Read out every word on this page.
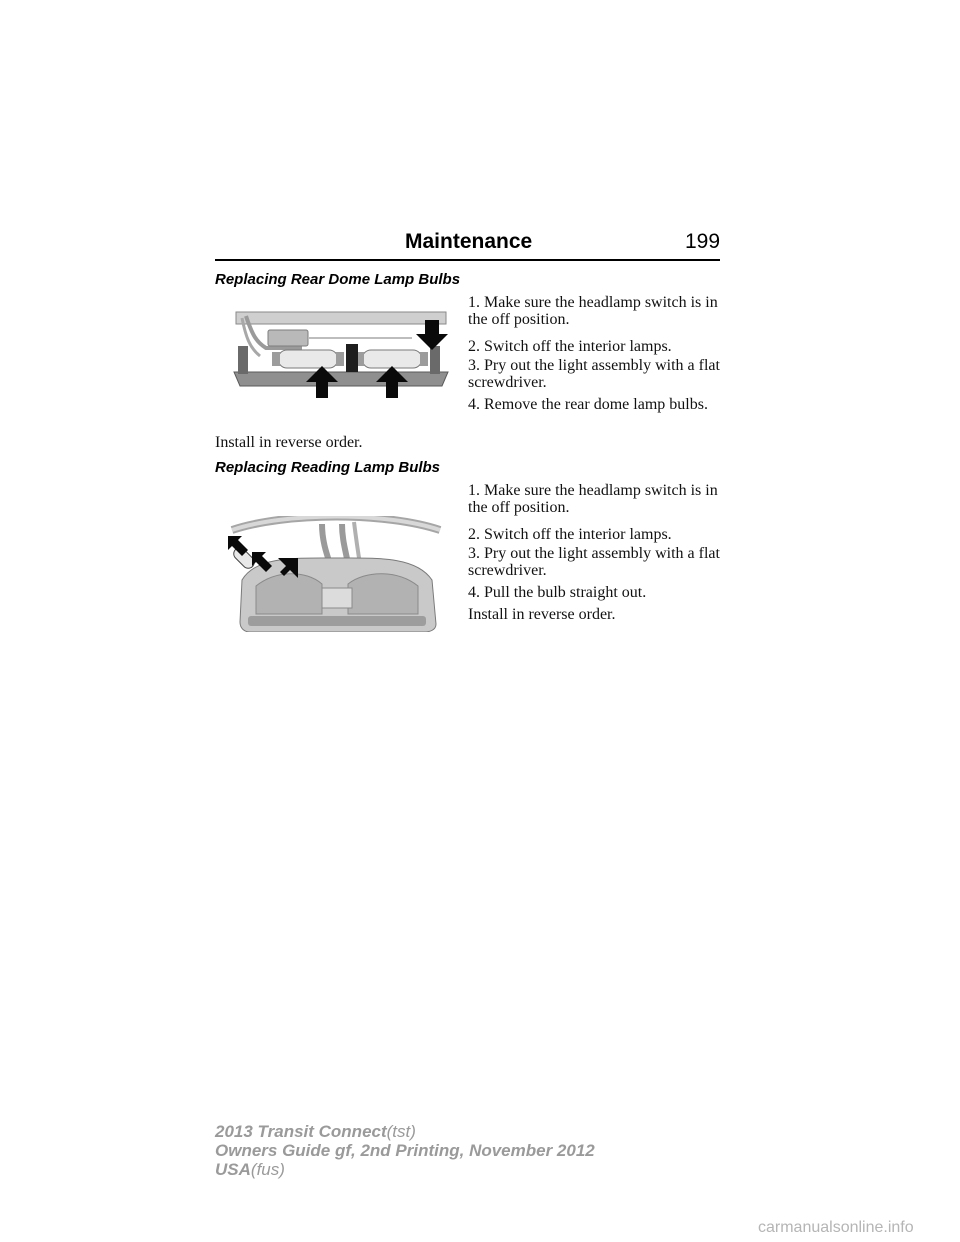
Maintenance	199
Replacing Rear Dome Lamp Bulbs
1. Make sure the headlamp switch is in the off position.
2. Switch off the interior lamps.
3. Pry out the light assembly with a flat screwdriver.
4. Remove the rear dome lamp bulbs.
Install in reverse order.
Replacing Reading Lamp Bulbs
1. Make sure the headlamp switch is in the off position.
2. Switch off the interior lamps.
3. Pry out the light assembly with a flat screwdriver.
4. Pull the bulb straight out.
Install in reverse order.
2013 Transit Connect(tst)
Owners Guide gf, 2nd Printing, November 2012
USA(fus)
carmanualsonline.info
